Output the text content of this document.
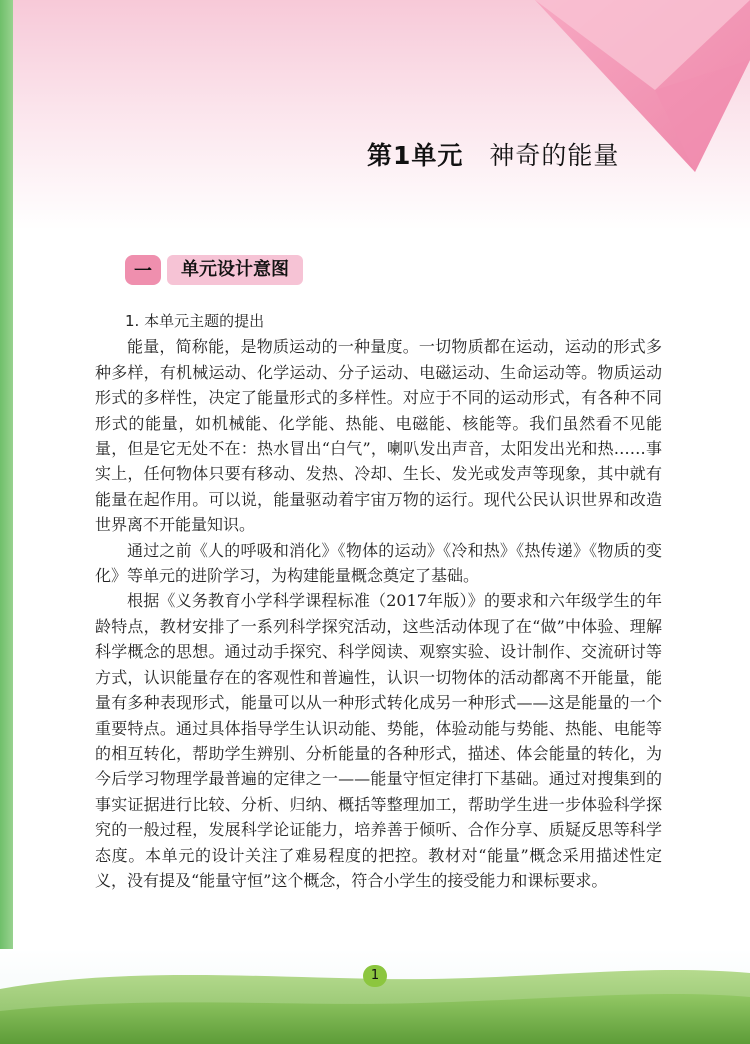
第1单元 神奇的能量
一	单元设计意图

1. 本单元主题的提出

能量，简称能，是物质运动的一种量度。一切物质都在运动，运动的形式多种多样，有机械运动、化学运动、分子运动、电磁运动、生命运动等。物质运动形式的多样性，决定了能量形式的多样性。对应于不同的运动形式，有各种不同形式的能量，如机械能、化学能、热能、电磁能、核能等。我们虽然看不见能量，但是它无处不在：热水冒出“白气”，喇叭发出声音，太阳发出光和热……事实上，任何物体只要有移动、发热、冷却、生长、发光或发声等现象，其中就有能量在起作用。可以说，能量驱动着宇宙万物的运行。现代公民认识世界和改造世界离不开能量知识。

通过之前《人的呼吸和消化》《物体的运动》《冷和热》《热传递》《物质的变化》等单元的进阶学习，为构建能量概念奠定了基础。

根据《义务教育小学科学课程标准（2017年版）》的要求和六年级学生的年龄特点，教材安排了一系列科学探究活动，这些活动体现了在“做”中体验、理解科学概念的思想。通过动手探究、科学阅读、观察实验、设计制作、交流研讨等方式，认识能量存在的客观性和普遍性，认识一切物体的活动都离不开能量，能量有多种表现形式，能量可以从一种形式转化成另一种形式——这是能量的一个重要特点。通过具体指导学生认识动能、势能，体验动能与势能、热能、电能等的相互转化，帮助学生辨别、分析能量的各种形式，描述、体会能量的转化，为今后学习物理学最普遍的定律之一——能量守恒定律打下基础。通过对搜集到的事实证据进行比较、分析、归纳、概括等整理加工，帮助学生进一步体验科学探究的一般过程，发展科学论证能力，培养善于倾听、合作分享、质疑反思等科学态度。本单元的设计关注了难易程度的把控。教材对“能量”概念采用描述性定义，没有提及“能量守恒”这个概念，符合小学生的接受能力和课标要求。

1
